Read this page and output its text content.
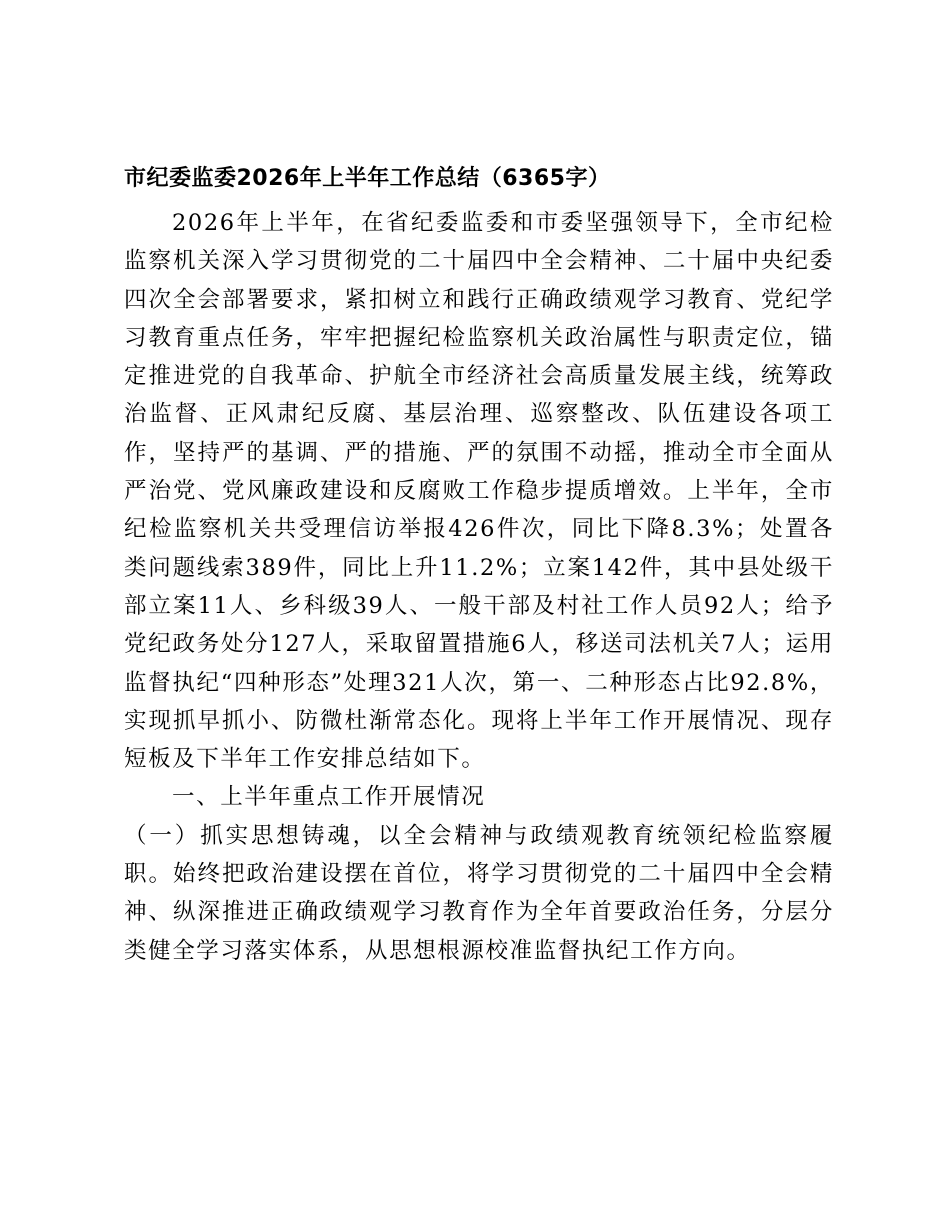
市纪委监委2026年上半年工作总结（6365字）

2026年上半年，在省纪委监委和市委坚强领导下，全市纪检监察机关深入学习贯彻党的二十届四中全会精神、二十届中央纪委四次全会部署要求，紧扣树立和践行正确政绩观学习教育、党纪学习教育重点任务，牢牢把握纪检监察机关政治属性与职责定位，锚定推进党的自我革命、护航全市经济社会高质量发展主线，统筹政治监督、正风肃纪反腐、基层治理、巡察整改、队伍建设各项工作，坚持严的基调、严的措施、严的氛围不动摇，推动全市全面从严治党、党风廉政建设和反腐败工作稳步提质增效。上半年，全市纪检监察机关共受理信访举报426件次，同比下降8.3%；处置各类问题线索389件，同比上升11.2%；立案142件，其中县处级干部立案11人、乡科级39人、一般干部及村社工作人员92人；给予党纪政务处分127人，采取留置措施6人，移送司法机关7人；运用监督执纪“四种形态”处理321人次，第一、二种形态占比92.8%，实现抓早抓小、防微杜渐常态化。现将上半年工作开展情况、现存短板及下半年工作安排总结如下。

一、上半年重点工作开展情况

（一）抓实思想铸魂，以全会精神与政绩观教育统领纪检监察履职。始终把政治建设摆在首位，将学习贯彻党的二十届四中全会精神、纵深推进正确政绩观学习教育作为全年首要政治任务，分层分类健全学习落实体系，从思想根源校准监督执纪工作方向。
